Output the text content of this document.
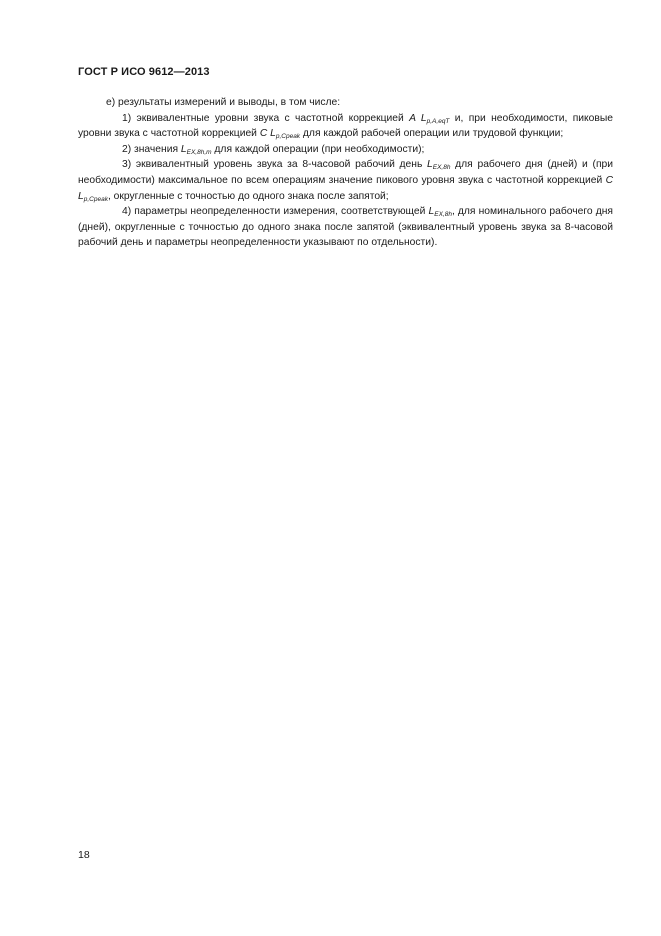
ГОСТ Р ИСО 9612—2013

е) результаты измерений и выводы, в том числе:

1) эквивалентные уровни звука с частотной коррекцией A $L_{p,A,eqT}$ и, при необходимости, пиковые уровни звука с частотной коррекцией C $L_{p,Cpeak}$ для каждой рабочей операции или трудовой функции;

2) значения $L_{EX,8h,m}$ для каждой операции (при необходимости);

3) эквивалентный уровень звука за 8-часовой рабочий день $L_{EX,8h}$ для рабочего дня (дней) и (при необходимости) максимальное по всем операциям значение пикового уровня звука с частотной коррекцией C $L_{p,Cpeak}$, округленные с точностью до одного знака после запятой;

4) параметры неопределенности измерения, соответствующей $L_{EX,8h}$, для номинального рабочего дня (дней), округленные с точностью до одного знака после запятой (эквивалентный уровень звука за 8-часовой рабочий день и параметры неопределенности указывают по отдельности).

18
